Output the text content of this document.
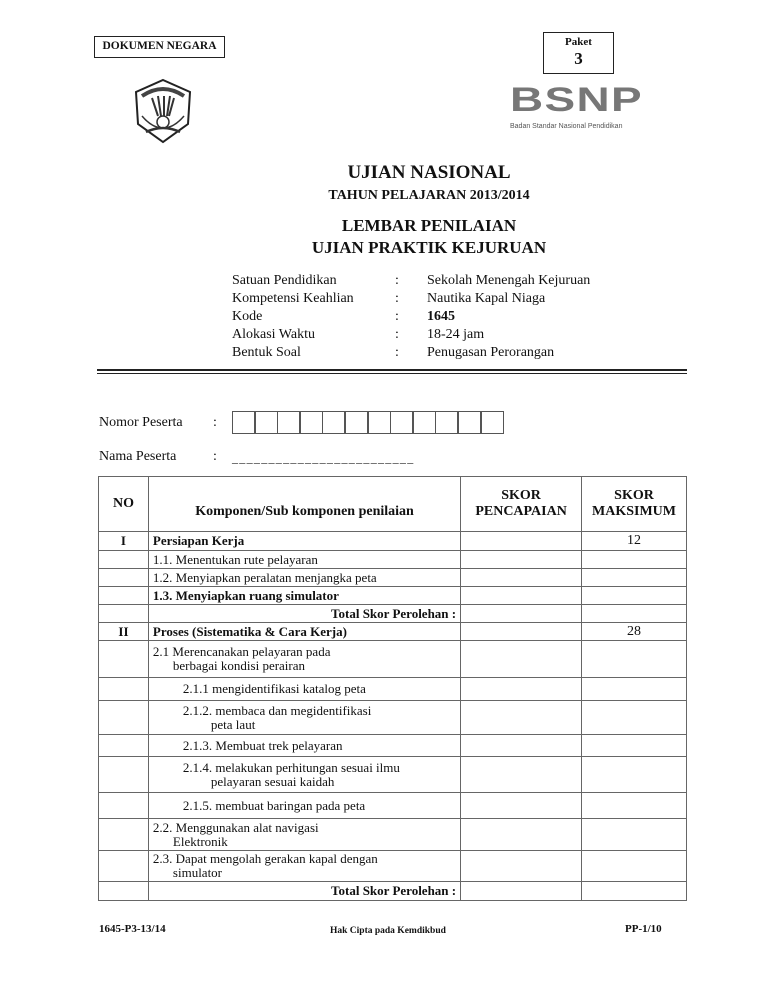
DOKUMEN NEGARA	Paket
3
BSNP
Badan Standar Nasional Pendidikan
UJIAN NASIONAL
TAHUN PELAJARAN 2013/2014
LEMBAR PENILAIAN
UJIAN PRAKTIK KEJURUAN
Satuan Pendidikan	:	Sekolah Menengah Kejuruan
Kompetensi Keahlian	:	Nautika Kapal Niaga
Kode	:	1645
Alokasi Waktu	:	18-24 jam
Bentuk Soal	:	Penugasan Perorangan
Nomor Peserta :
Nama Peserta	: _________________________
NO	Komponen/Sub komponen penilaian	SKOR PENCAPAIAN	SKOR MAKSIMUM
I	Persiapan Kerja		12
	1.1. Menentukan rute pelayaran		
	1.2. Menyiapkan peralatan menjangka peta		
	1.3. Menyiapkan ruang simulator		
	Total Skor Perolehan :		
II	Proses (Sistematika & Cara Kerja)		28
	2.1 Merencanakan pelayaran pada
berbagai kondisi perairan		
	2.1.1 mengidentifikasi katalog peta		
	2.1.2. membaca dan megidentifikasi
peta laut		
	2.1.3. Membuat trek pelayaran		
	2.1.4. melakukan perhitungan sesuai ilmu
pelayaran sesuai kaidah		
	2.1.5. membuat baringan pada peta		
	2.2. Menggunakan alat navigasi
Elektronik		
	2.3. Dapat mengolah gerakan kapal dengan
simulator		
	Total Skor Perolehan :		
1645-P3-13/14	Hak Cipta pada Kemdikbud	PP-1/10
